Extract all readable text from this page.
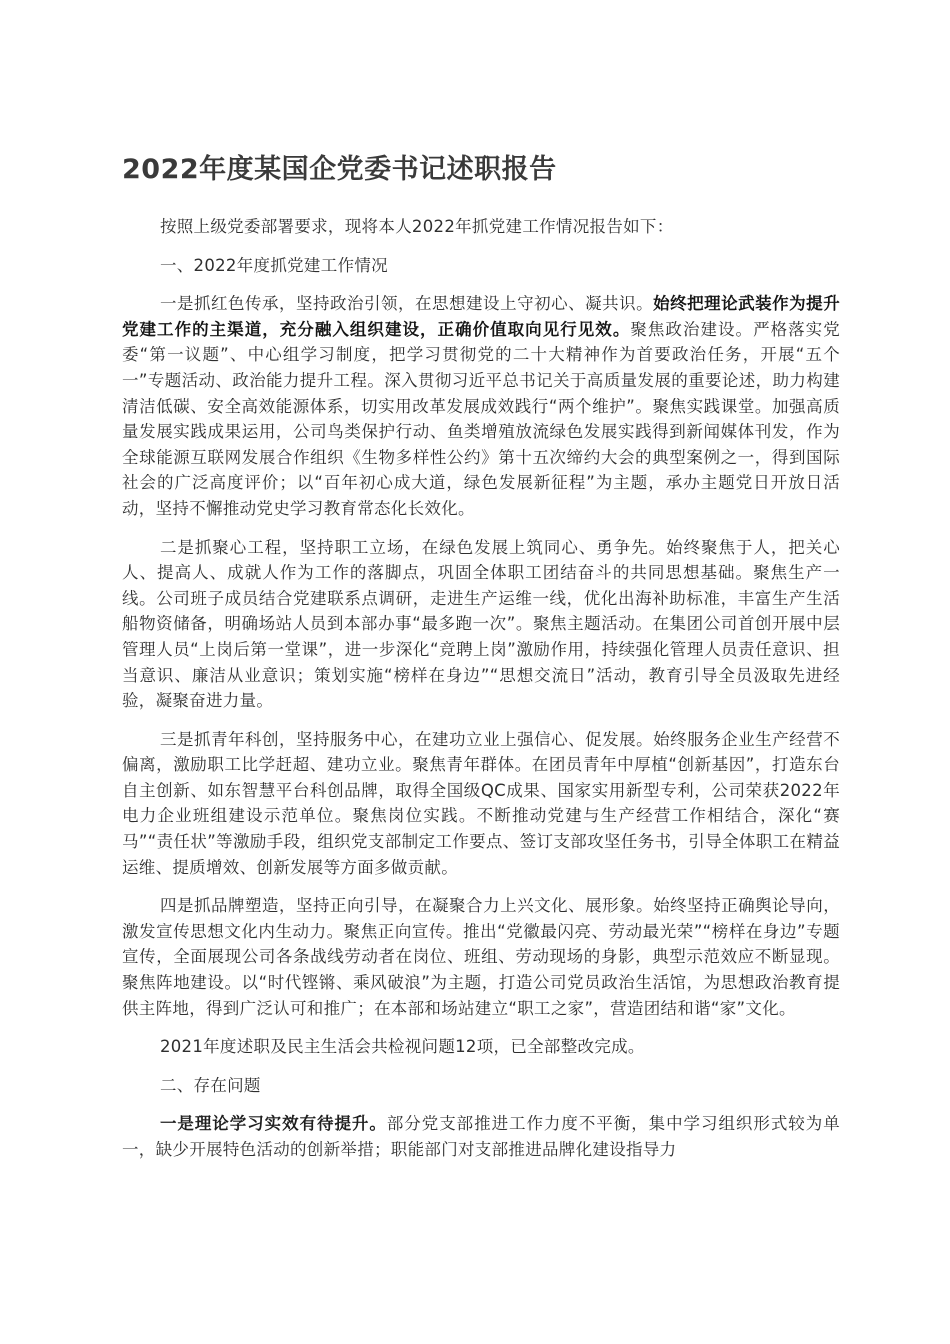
2022年度某国企党委书记述职报告

按照上级党委部署要求，现将本人2022年抓党建工作情况报告如下：

一、2022年度抓党建工作情况

一是抓红色传承，坚持政治引领，在思想建设上守初心、凝共识。始终把理论武装作为提升党建工作的主渠道，充分融入组织建设，正确价值取向见行见效。聚焦政治建设。严格落实党委“第一议题”、中心组学习制度，把学习贯彻党的二十大精神作为首要政治任务，开展“五个一”专题活动、政治能力提升工程。深入贯彻习近平总书记关于高质量发展的重要论述，助力构建清洁低碳、安全高效能源体系，切实用改革发展成效践行“两个维护”。聚焦实践课堂。加强高质量发展实践成果运用，公司鸟类保护行动、鱼类增殖放流绿色发展实践得到新闻媒体刊发，作为全球能源互联网发展合作组织《生物多样性公约》第十五次缔约大会的典型案例之一，得到国际社会的广泛高度评价；以“百年初心成大道，绿色发展新征程”为主题，承办主题党日开放日活动，坚持不懈推动党史学习教育常态化长效化。

二是抓聚心工程，坚持职工立场，在绿色发展上筑同心、勇争先。始终聚焦于人，把关心人、提高人、成就人作为工作的落脚点，巩固全体职工团结奋斗的共同思想基础。聚焦生产一线。公司班子成员结合党建联系点调研，走进生产运维一线，优化出海补助标准，丰富生产生活船物资储备，明确场站人员到本部办事“最多跑一次”。聚焦主题活动。在集团公司首创开展中层管理人员“上岗后第一堂课”，进一步深化“竞聘上岗”激励作用，持续强化管理人员责任意识、担当意识、廉洁从业意识；策划实施“榜样在身边”“思想交流日”活动，教育引导全员汲取先进经验，凝聚奋进力量。

三是抓青年科创，坚持服务中心，在建功立业上强信心、促发展。始终服务企业生产经营不偏离，激励职工比学赶超、建功立业。聚焦青年群体。在团员青年中厚植“创新基因”，打造东台自主创新、如东智慧平台科创品牌，取得全国级QC成果、国家实用新型专利，公司荣获2022年电力企业班组建设示范单位。聚焦岗位实践。不断推动党建与生产经营工作相结合，深化“赛马”“责任状”等激励手段，组织党支部制定工作要点、签订支部攻坚任务书，引导全体职工在精益运维、提质增效、创新发展等方面多做贡献。

四是抓品牌塑造，坚持正向引导，在凝聚合力上兴文化、展形象。始终坚持正确舆论导向，激发宣传思想文化内生动力。聚焦正向宣传。推出“党徽最闪亮、劳动最光荣”“榜样在身边”专题宣传，全面展现公司各条战线劳动者在岗位、班组、劳动现场的身影，典型示范效应不断显现。聚焦阵地建设。以“时代铿锵、乘风破浪”为主题，打造公司党员政治生活馆，为思想政治教育提供主阵地，得到广泛认可和推广；在本部和场站建立“职工之家”，营造团结和谐“家”文化。

2021年度述职及民主生活会共检视问题12项，已全部整改完成。

二、存在问题

一是理论学习实效有待提升。部分党支部推进工作力度不平衡，集中学习组织形式较为单一，缺少开展特色活动的创新举措；职能部门对支部推进品牌化建设指导力
